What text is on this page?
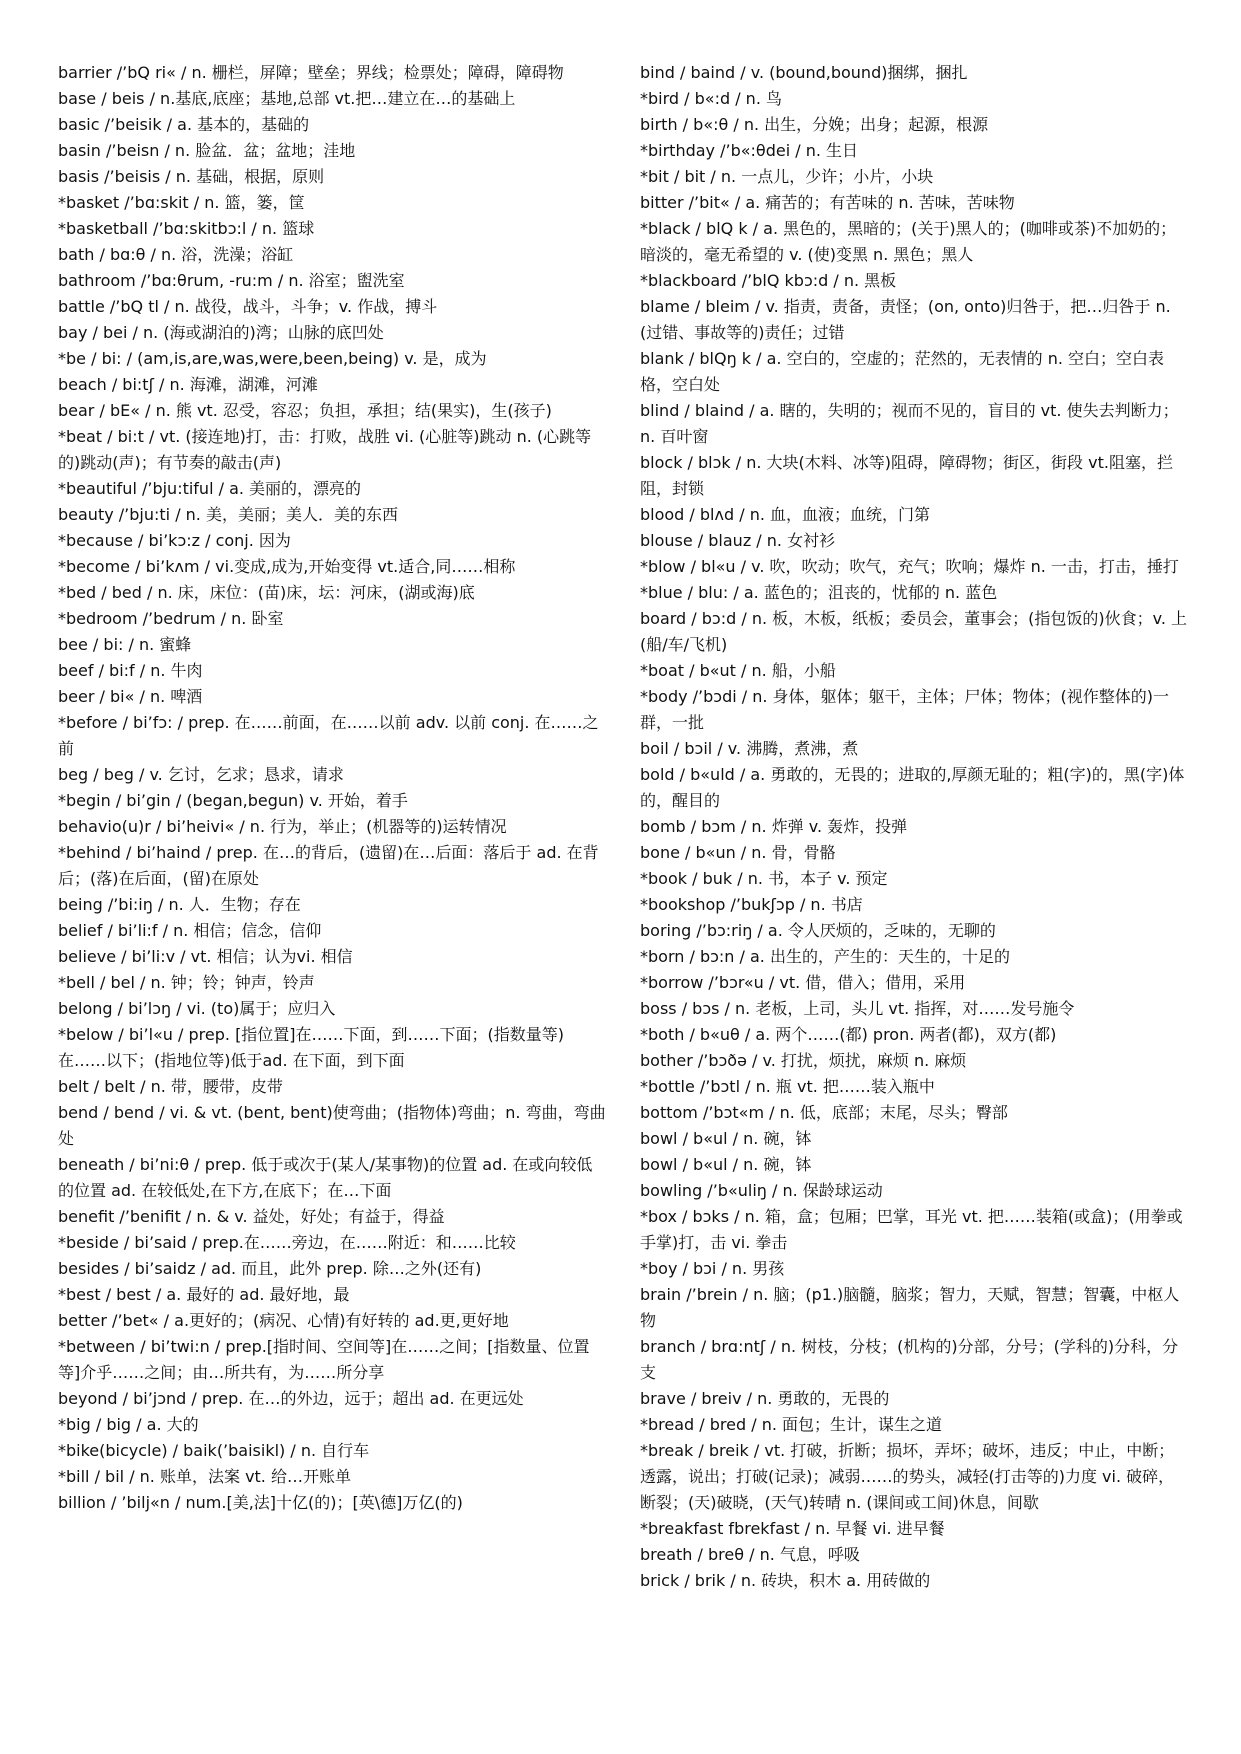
barrier /’bQ ri« / n. 栅栏，屏障；壁垒；界线；检票处；障碍，障碍物

base / beis / n.基底,底座；基地,总部 vt.把…建立在…的基础上

basic /’beisik / a. 基本的，基础的

basin /’beisn / n. 脸盆．盆；盆地；洼地

basis /’beisis / n. 基础，根据，原则

*basket /’bɑ:skit / n. 篮，篓，筐

*basketball /’bɑ:skitbɔ:l / n. 篮球

bath / bɑ:θ / n. 浴，洗澡；浴缸

bathroom /’bɑ:θrum, -ru:m / n. 浴室；盥洗室

battle /’bQ tl / n. 战役，战斗，斗争；v. 作战，搏斗

bay / bei / n. (海或湖泊的)湾；山脉的底凹处

*be / bi: / (am,is,are,was,were,been,being) v. 是，成为

beach / bi:tʃ / n. 海滩，湖滩，河滩

bear / bE« / n. 熊 vt. 忍受，容忍；负担，承担；结(果实)，生(孩子)

*beat / bi:t / vt. (接连地)打，击：打败，战胜 vi. (心脏等)跳动 n. (心跳等的)跳动(声)；有节奏的敲击(声)

*beautiful /’bju:tiful / a. 美丽的，漂亮的

beauty /’bju:ti / n. 美，美丽；美人．美的东西

*because / bi’kɔ:z / conj. 因为

*become / bi’kʌm / vi.变成,成为,开始变得 vt.适合,同……相称

*bed / bed / n. 床，床位：(苗)床，坛：河床，(湖或海)底

*bedroom /’bedrum / n. 卧室

bee / bi: / n. 蜜蜂

beef / bi:f / n. 牛肉

beer / bi« / n. 啤酒

*before / bi’fɔ: / prep. 在……前面，在……以前 adv. 以前 conj. 在……之前

beg / beg / v. 乞讨，乞求；恳求，请求

*begin / bi’gin / (began,begun) v. 开始，着手

behavio(u)r / bi’heivi« / n. 行为，举止；(机器等的)运转情况

*behind / bi’haind / prep. 在…的背后，(遗留)在…后面：落后于 ad. 在背后；(落)在后面，(留)在原处

being /’bi:iŋ / n. 人．生物；存在

belief / bi’li:f / n. 相信；信念，信仰

believe / bi’li:v / vt. 相信；认为vi. 相信

*bell / bel / n. 钟；铃；钟声，铃声

belong / bi’lɔŋ / vi. (to)属于；应归入

*below / bi’l«u / prep. [指位置]在……下面，到……下面；(指数量等)在……以下；(指地位等)低于ad. 在下面，到下面

belt / belt / n. 带，腰带，皮带

bend / bend / vi. & vt. (bent, bent)使弯曲；(指物体)弯曲；n. 弯曲，弯曲处

beneath / bi’ni:θ / prep. 低于或次于(某人/某事物)的位置 ad. 在或向较低的位置 ad. 在较低处,在下方,在底下；在…下面

benefit /’benifit / n. & v. 益处，好处；有益于，得益

*beside / bi’said / prep.在……旁边，在……附近：和……比较

besides / bi’saidz / ad. 而且，此外 prep. 除…之外(还有)

*best / best / a. 最好的 ad. 最好地，最

better /’bet« / a.更好的；(病况、心情)有好转的 ad.更,更好地

*between / bi’twi:n / prep.[指时间、空间等]在……之间；[指数量、位置等]介乎……之间；由…所共有，为……所分享

beyond / bi’jɔnd / prep. 在…的外边，远于；超出 ad. 在更远处

*big / big / a. 大的

*bike(bicycle) / baik(’baisikl) / n. 自行车

*bill / bil / n. 账单，法案 vt. 给…开账单

billion / ’bilj«n / num.[美,法]十亿(的)；[英\德]万亿(的)

bind / baind / v. (bound,bound)捆绑，捆扎

*bird / b«:d / n. 鸟

birth / b«:θ / n. 出生，分娩；出身；起源，根源

*birthday /’b«:θdei / n. 生日

*bit / bit / n. 一点儿，少许；小片，小块

bitter /’bit« / a. 痛苦的；有苦味的 n. 苦味，苦味物

*black / blQ k / a. 黑色的，黑暗的；(关于)黑人的；(咖啡或茶)不加奶的；暗淡的，毫无希望的 v. (使)变黑 n. 黑色；黑人

*blackboard /’blQ kbɔ:d / n. 黑板

blame / bleim / v. 指责，责备，责怪；(on, onto)归咎于，把…归咎于 n. (过错、事故等的)责任；过错

blank / blQŋ k / a. 空白的，空虚的；茫然的，无表情的 n. 空白；空白表格，空白处

blind / blaind / a. 瞎的，失明的；视而不见的，盲目的 vt. 使失去判断力；n. 百叶窗

block / blɔk / n. 大块(木料、冰等)阻碍，障碍物；街区，街段 vt.阻塞，拦阻，封锁

blood / blʌd / n. 血，血液；血统，门第

blouse / blauz / n. 女衬衫

*blow / bl«u / v. 吹，吹动；吹气，充气；吹响；爆炸 n. 一击，打击，捶打

*blue / blu: / a. 蓝色的；沮丧的，忧郁的 n. 蓝色

board / bɔ:d / n. 板，木板，纸板；委员会，董事会；(指包饭的)伙食；v. 上(船/车/飞机)

*boat / b«ut / n. 船，小船

*body /’bɔdi / n. 身体，躯体；躯干，主体；尸体；物体；(视作整体的)一群，一批

boil / bɔil / v. 沸腾，煮沸，煮

bold / b«uld / a. 勇敢的，无畏的；进取的,厚颜无耻的；粗(字)的，黑(字)体的，醒目的

bomb / bɔm / n. 炸弹 v. 轰炸，投弹

bone / b«un / n. 骨，骨骼

*book / buk / n. 书，本子 v. 预定

*bookshop /’bukʃɔp / n. 书店

boring /’bɔ:riŋ / a. 令人厌烦的，乏味的，无聊的

*born / bɔ:n / a. 出生的，产生的：天生的，十足的

*borrow /’bɔr«u / vt. 借，借入；借用，采用

boss / bɔs / n. 老板，上司，头儿 vt. 指挥，对……发号施令

*both / b«uθ / a. 两个……(都) pron. 两者(都)，双方(都)

bother /’bɔðə / v. 打扰，烦扰，麻烦 n. 麻烦

*bottle /’bɔtl / n. 瓶 vt. 把……装入瓶中

bottom /’bɔt«m / n. 低，底部；末尾，尽头；臀部

bowl / b«ul / n. 碗，钵

bowl / b«ul / n. 碗，钵

bowling /’b«uliŋ / n. 保龄球运动

*box / bɔks / n. 箱，盒；包厢；巴掌，耳光 vt. 把……装箱(或盒)；(用拳或手掌)打，击 vi. 拳击

*boy / bɔi / n. 男孩

brain /’brein / n. 脑；(p1.)脑髓，脑浆；智力，天赋，智慧；智囊，中枢人物

branch / brɑ:ntʃ / n. 树枝，分枝；(机构的)分部，分号；(学科的)分科，分支

brave / breiv / n. 勇敢的，无畏的

*bread / bred / n. 面包；生计，谋生之道

*break / breik / vt. 打破，折断；损坏，弄坏；破坏，违反；中止，中断；透露，说出；打破(记录)；减弱……的势头，减轻(打击等的)力度 vi. 破碎，断裂；(天)破晓，(天气)转晴 n. (课间或工间)休息，间歇

*breakfast fbrekfast / n. 早餐 vi. 进早餐

breath / breθ / n. 气息，呼吸

brick / brik / n. 砖块，积木 a. 用砖做的
